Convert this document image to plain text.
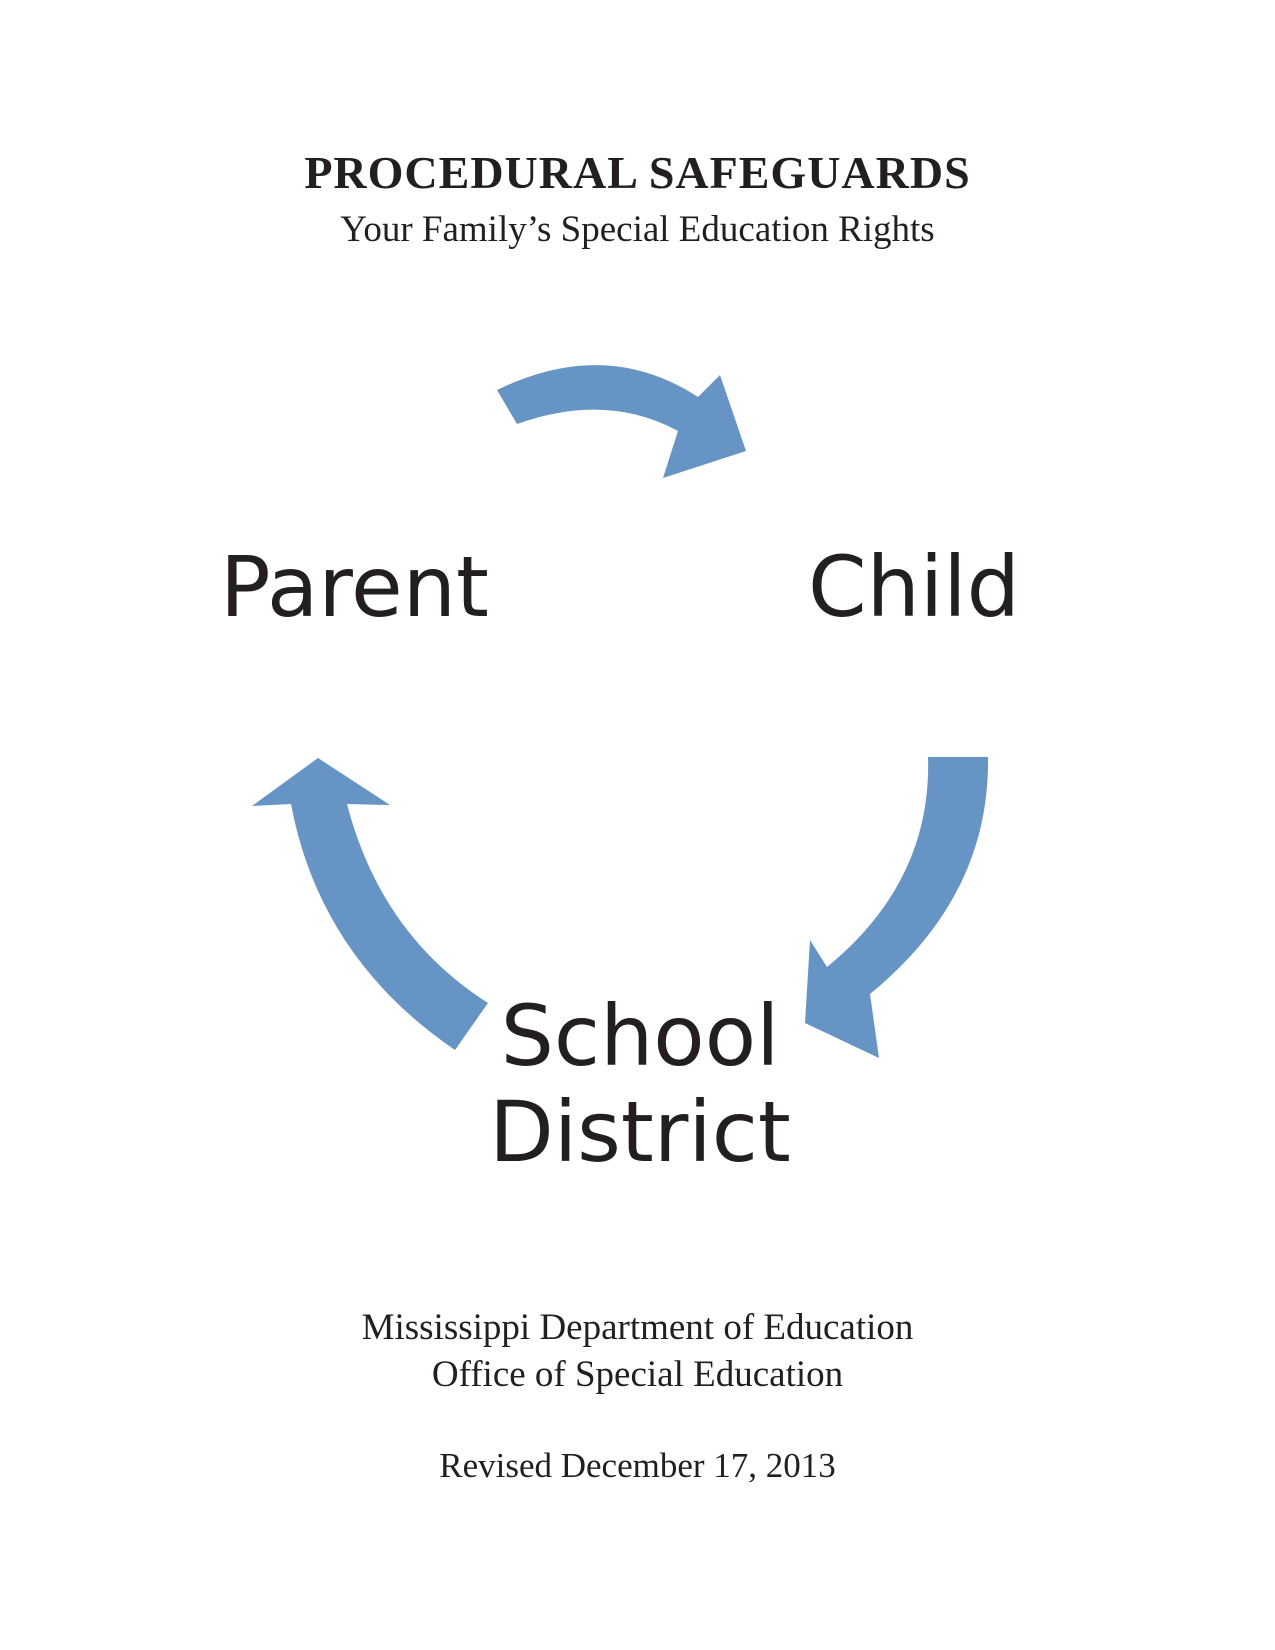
PROCEDURAL SAFEGUARDS
Your Family’s Special Education Rights
Parent	Child
School
District
Mississippi Department of Education
Office of Special Education
Revised December 17, 2013
